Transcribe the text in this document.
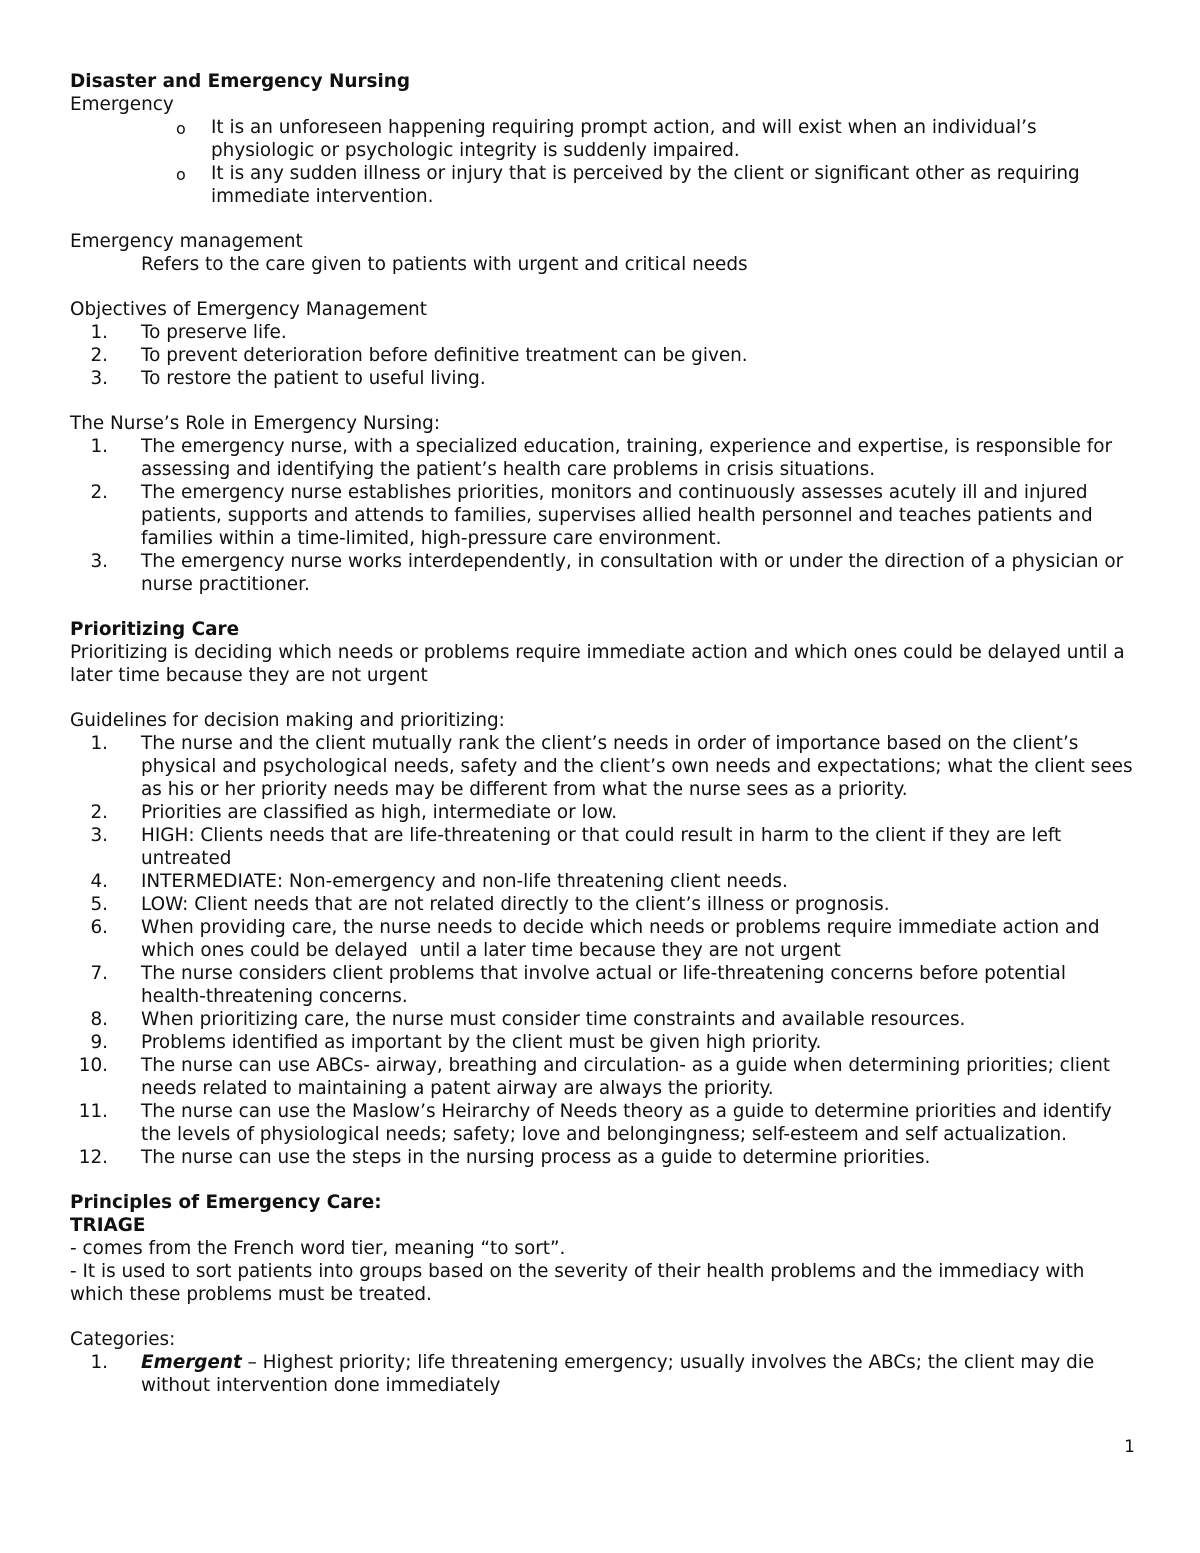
Disaster and Emergency Nursing

Emergency

o It is an unforeseen happening requiring prompt action, and will exist when an individual’s physiologic or psychologic integrity is suddenly impaired.
o It is any sudden illness or injury that is perceived by the client or significant other as requiring immediate intervention.

Emergency management

Refers to the care given to patients with urgent and critical needs

Objectives of Emergency Management

1. To preserve life.
2. To prevent deterioration before definitive treatment can be given.
3. To restore the patient to useful living.

The Nurse’s Role in Emergency Nursing:

1. The emergency nurse, with a specialized education, training, experience and expertise, is responsible for assessing and identifying the patient’s health care problems in crisis situations.
2. The emergency nurse establishes priorities, monitors and continuously assesses acutely ill and injured patients, supports and attends to families, supervises allied health personnel and teaches patients and families within a time-limited, high-pressure care environment.
3. The emergency nurse works interdependently, in consultation with or under the direction of a physician or nurse practitioner.

Prioritizing Care

Prioritizing is deciding which needs or problems require immediate action and which ones could be delayed until a later time because they are not urgent

Guidelines for decision making and prioritizing:

1. The nurse and the client mutually rank the client’s needs in order of importance based on the client’s physical and psychological needs, safety and the client’s own needs and expectations; what the client sees as his or her priority needs may be different from what the nurse sees as a priority.
2. Priorities are classified as high, intermediate or low.
3. HIGH: Clients needs that are life-threatening or that could result in harm to the client if they are left untreated
4. INTERMEDIATE: Non-emergency and non-life threatening client needs.
5. LOW: Client needs that are not related directly to the client’s illness or prognosis.
6. When providing care, the nurse needs to decide which needs or problems require immediate action and which ones could be delayed  until a later time because they are not urgent
7. The nurse considers client problems that involve actual or life-threatening concerns before potential health-threatening concerns.
8. When prioritizing care, the nurse must consider time constraints and available resources.
9. Problems identified as important by the client must be given high priority.
10. The nurse can use ABCs- airway, breathing and circulation- as a guide when determining priorities; client needs related to maintaining a patent airway are always the priority.
11. The nurse can use the Maslow’s Heirarchy of Needs theory as a guide to determine priorities and identify the levels of physiological needs; safety; love and belongingness; self-esteem and self actualization.
12. The nurse can use the steps in the nursing process as a guide to determine priorities.

Principles of Emergency Care:

TRIAGE

- comes from the French word tier, meaning “to sort”.

- It is used to sort patients into groups based on the severity of their health problems and the immediacy with which these problems must be treated.

Categories:

1. Emergent – Highest priority; life threatening emergency; usually involves the ABCs; the client may die without intervention done immediately
1
